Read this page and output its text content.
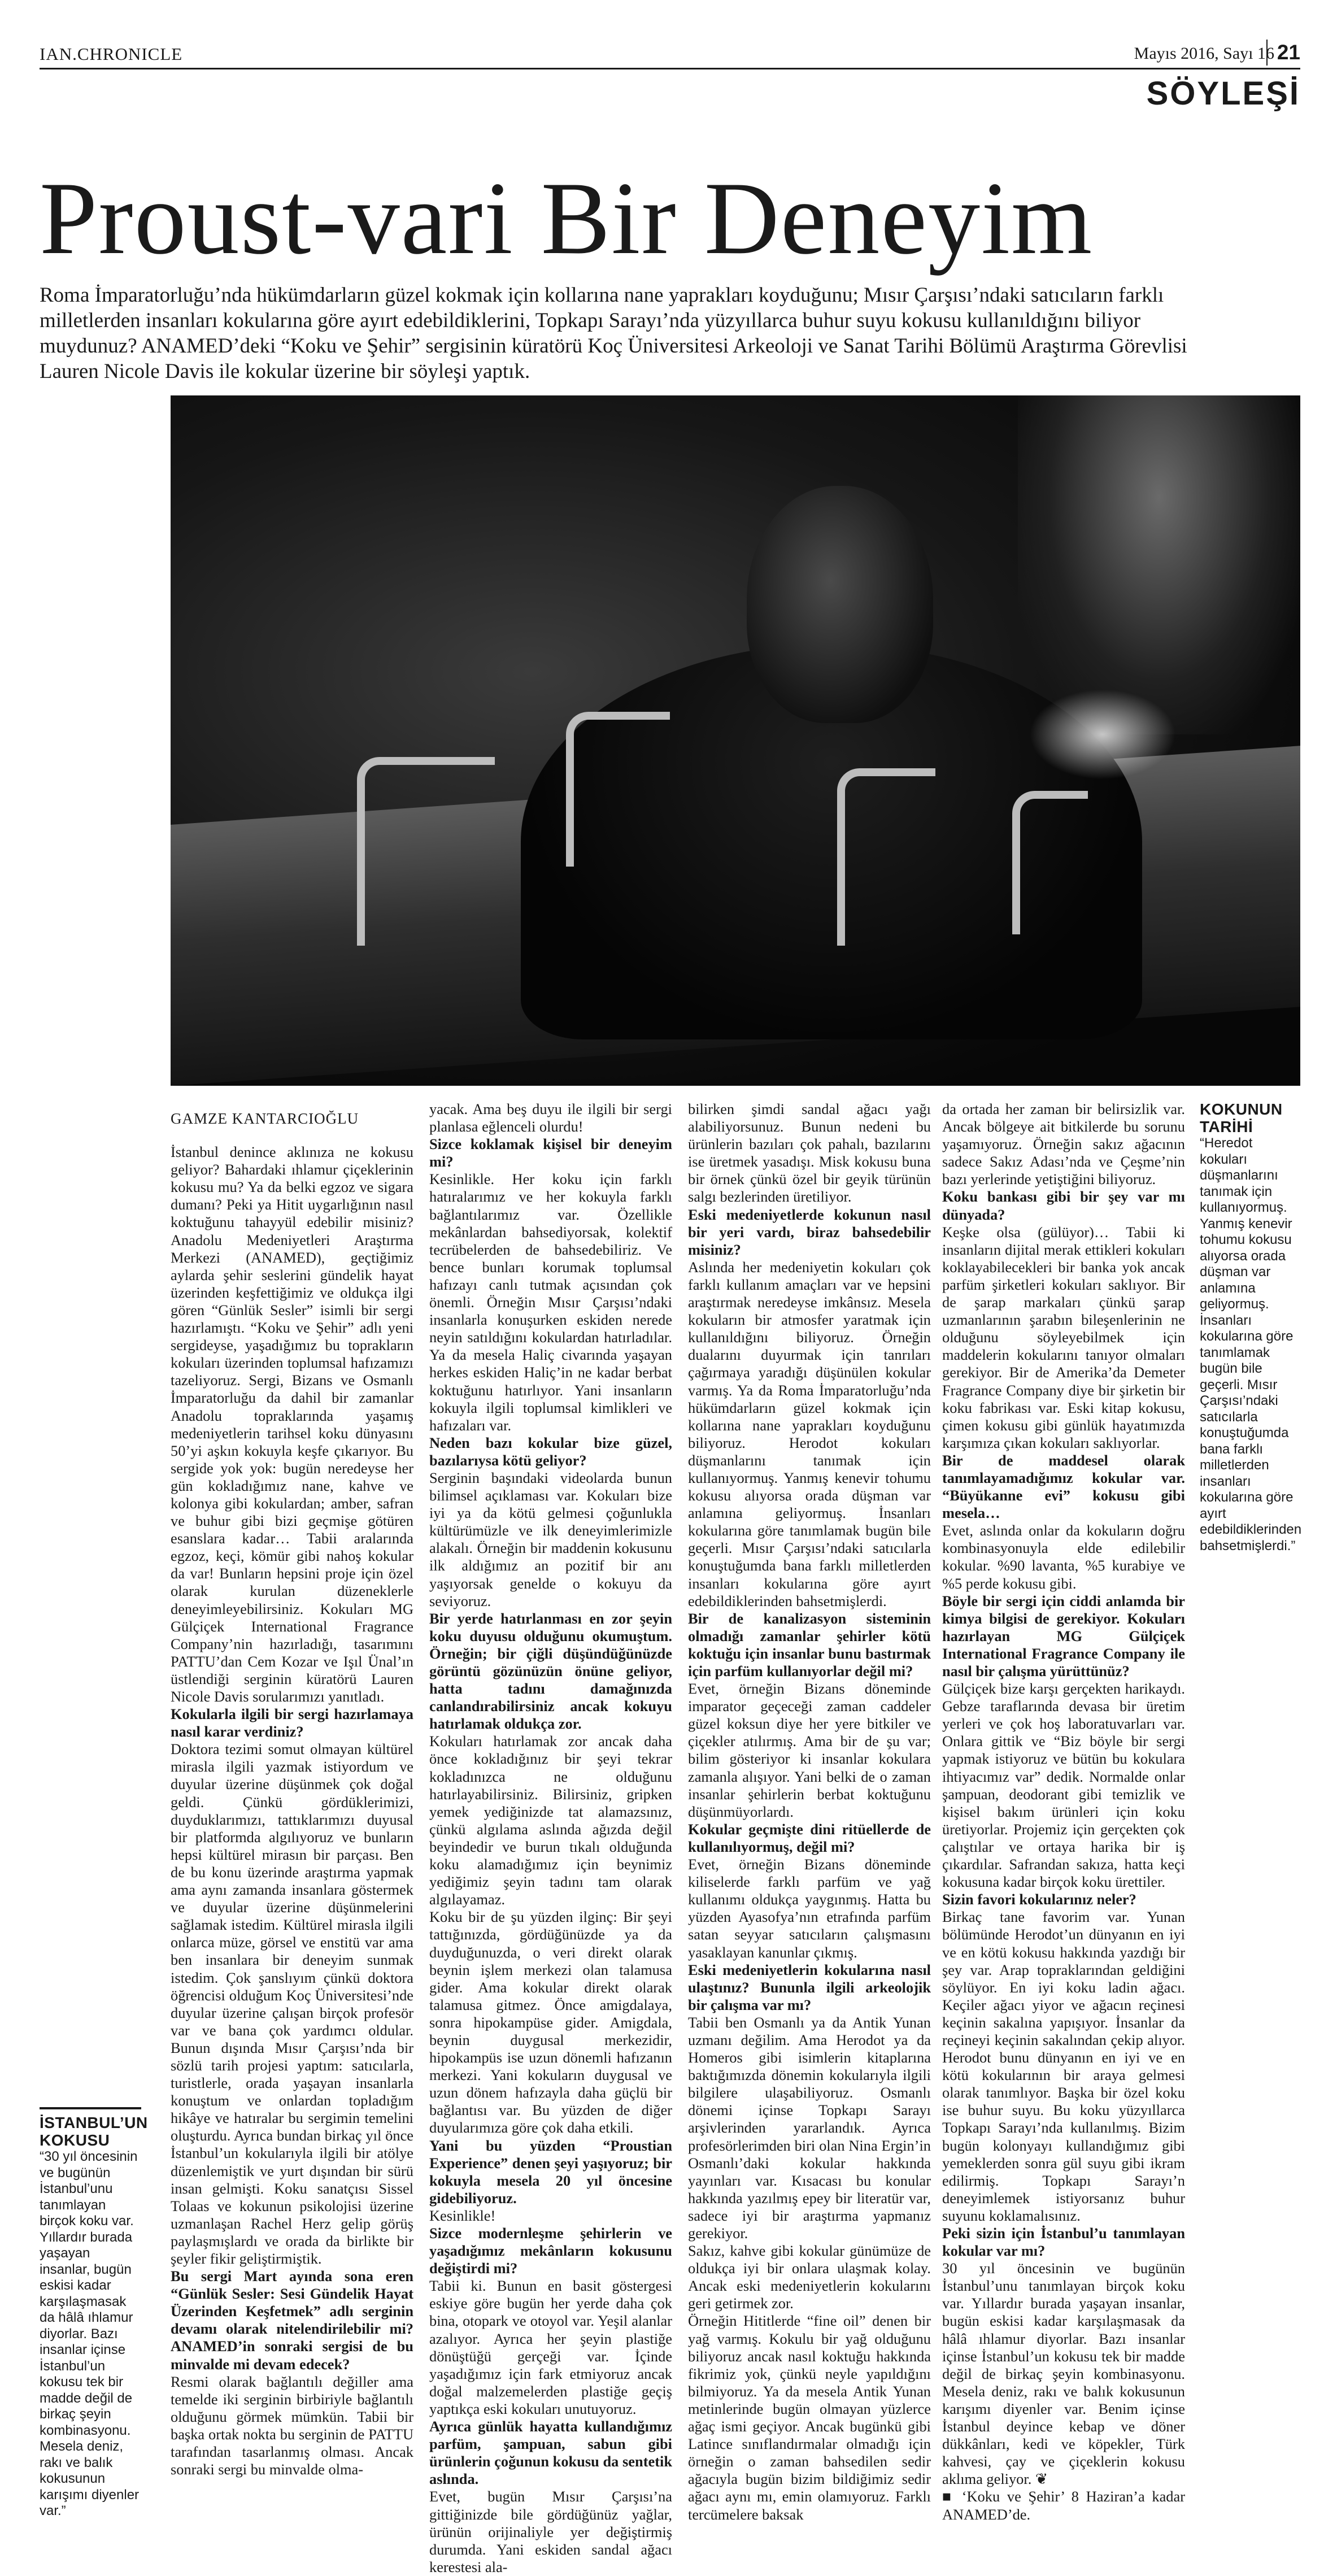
IAN.CHRONICLE	Mayıs 2016, Sayı 16 21
SÖYLEŞİ
Proust-vari Bir Deneyim

Roma İmparatorluğu’nda hükümdarların güzel kokmak için kollarına nane yaprakları koyduğunu; Mısır Çarşısı’ndaki satıcıların farklı milletlerden insanları kokularına göre ayırt edebildiklerini, Topkapı Sarayı’nda yüzyıllarca buhur suyu kokusu kullanıldığını biliyor muydunuz? ANAMED’deki “Koku ve Şehir” sergisinin küratörü Koç Üniversitesi Arkeoloji ve Sanat Tarihi Bölümü Araştırma Görevlisi Lauren Nicole Davis ile kokular üzerine bir söyleşi yaptık.

GAMZE KANTARCIOĞLU

İstanbul denince aklınıza ne kokusu geliyor? Bahardaki ıhlamur çiçeklerinin kokusu mu? Ya da belki egzoz ve sigara dumanı? Peki ya Hitit uygarlığının nasıl koktuğunu tahayyül edebilir misiniz? Anadolu Medeniyetleri Araştırma Merkezi (ANAMED), geçtiğimiz aylarda şehir seslerini gündelik hayat üzerinden keşfettiğimiz ve oldukça ilgi gören “Günlük Sesler” isimli bir sergi hazırlamıştı. “Koku ve Şehir” adlı yeni sergideyse, yaşadığımız bu toprakların kokuları üzerinden toplumsal hafızamızı tazeliyoruz. Sergi, Bizans ve Osmanlı İmparatorluğu da dahil bir zamanlar Anadolu topraklarında yaşamış medeniyetlerin tarihsel koku dünyasını 50’yi aşkın kokuyla keşfe çıkarıyor. Bu sergide yok yok: bugün neredeyse her gün kokladığımız nane, kahve ve kolonya gibi kokulardan; amber, safran ve buhur gibi bizi geçmişe götüren esanslara kadar… Tabii aralarında egzoz, keçi, kömür gibi nahoş kokular da var! Bunların hepsini proje için özel olarak kurulan düzeneklerle deneyimleyebilirsiniz. Kokuları MG Gülçiçek International Fragrance Company’nin hazırladığı, tasarımını PATTU’dan Cem Kozar ve Işıl Ünal’ın üstlendiği serginin küratörü Lauren Nicole Davis sorularımızı yanıtladı.

Kokularla ilgili bir sergi hazırlamaya nasıl karar verdiniz?

Doktora tezimi somut olmayan kültürel mirasla ilgili yazmak istiyordum ve duyular üzerine düşünmek çok doğal geldi. Çünkü gördüklerimizi, duyduklarımızı, tattıklarımızı duyusal bir platformda algılıyoruz ve bunların hepsi kültürel mirasın bir parçası. Ben de bu konu üzerinde araştırma yapmak ama aynı zamanda insanlara göstermek ve duyular üzerine düşünmelerini sağlamak istedim. Kültürel mirasla ilgili onlarca müze, görsel ve enstitü var ama ben insanlara bir deneyim sunmak istedim. Çok şanslıyım çünkü doktora öğrencisi olduğum Koç Üniversitesi’nde duyular üzerine çalışan birçok profesör var ve bana çok yardımcı oldular. Bunun dışında Mısır Çarşısı’nda bir sözlü tarih projesi yaptım: satıcılarla, turistlerle, orada yaşayan insanlarla konuştum ve onlardan topladığım hikâye ve hatıralar bu sergimin temelini oluşturdu. Ayrıca bundan birkaç yıl önce İstanbul’un kokularıyla ilgili bir atölye düzenlemiştik ve yurt dışından bir sürü insan gelmişti. Koku sanatçısı Sissel Tolaas ve kokunun psikolojisi üzerine uzmanlaşan Rachel Herz gelip görüş paylaşmışlardı ve orada da birlikte bir şeyler fikir geliştirmiştik.

Bu sergi Mart ayında sona eren “Günlük Sesler: Sesi Gündelik Hayat Üzerinden Keşfetmek” adlı serginin devamı olarak nitelendirilebilir mi? ANAMED’in sonraki sergisi de bu minvalde mi devam edecek?

Resmi olarak bağlantılı değiller ama temelde iki serginin birbiriyle bağlantılı olduğunu görmek mümkün. Tabii bir başka ortak nokta bu serginin de PATTU tarafından tasarlanmış olması. Ancak sonraki sergi bu minvalde olma-

yacak. Ama beş duyu ile ilgili bir sergi planlasa eğlenceli olurdu!

Sizce koklamak kişisel bir deneyim mi?

Kesinlikle. Her koku için farklı hatıralarımız ve her kokuyla farklı bağlantılarımız var. Özellikle mekânlardan bahsediyorsak, kolektif tecrübelerden de bahsedebiliriz. Ve bence bunları korumak toplumsal hafızayı canlı tutmak açısından çok önemli. Örneğin Mısır Çarşısı’ndaki insanlarla konuşurken eskiden nerede neyin satıldığını kokulardan hatırladılar. Ya da mesela Haliç civarında yaşayan herkes eskiden Haliç’in ne kadar berbat koktuğunu hatırlıyor. Yani insanların kokuyla ilgili toplumsal kimlikleri ve hafızaları var.

Neden bazı kokular bize güzel, bazılarıysa kötü geliyor?

Serginin başındaki videolarda bunun bilimsel açıklaması var. Kokuları bize iyi ya da kötü gelmesi çoğunlukla kültürümüzle ve ilk deneyimlerimizle alakalı. Örneğin bir maddenin kokusunu ilk aldığımız an pozitif bir anı yaşıyorsak genelde o kokuyu da seviyoruz.

Bir yerde hatırlanması en zor şeyin koku duyusu olduğunu okumuştum. Örneğin; bir çiğli düşündüğünüzde görüntü gözünüzün önüne geliyor, hatta tadını damağınızda canlandırabilirsiniz ancak kokuyu hatırlamak oldukça zor.

Kokuları hatırlamak zor ancak daha önce kokladığınız bir şeyi tekrar kokladınızca ne olduğunu hatırlayabilirsiniz. Bilirsiniz, gripken yemek yediğinizde tat alamazsınız, çünkü algılama aslında ağızda değil beyindedir ve burun tıkalı olduğunda koku alamadığımız için beynimiz yediğimiz şeyin tadını tam olarak algılayamaz.

Koku bir de şu yüzden ilginç: Bir şeyi tattığınızda, gördüğünüzde ya da duyduğunuzda, o veri direkt olarak beynin işlem merkezi olan talamusa gider. Ama kokular direkt olarak talamusa gitmez. Önce amigdalaya, sonra hipokampüse gider. Amigdala, beynin duygusal merkezidir, hipokampüs ise uzun dönemli hafızanın merkezi. Yani kokuların duygusal ve uzun dönem hafızayla daha güçlü bir bağlantısı var. Bu yüzden de diğer duyularımıza göre çok daha etkili.

Yani bu yüzden “Proustian Experience” denen şeyi yaşıyoruz; bir kokuyla mesela 20 yıl öncesine gidebiliyoruz.

Kesinlikle!

Sizce modernleşme şehirlerin ve yaşadığımız mekânların kokusunu değiştirdi mi?

Tabii ki. Bunun en basit göstergesi eskiye göre bugün her yerde daha çok bina, otopark ve otoyol var. Yeşil alanlar azalıyor. Ayrıca her şeyin plastiğe dönüştüğü gerçeği var. İçinde yaşadığımız için fark etmiyoruz ancak doğal malzemelerden plastiğe geçiş yaptıkça eski kokuları unutuyoruz.

Ayrıca günlük hayatta kullandığımız parfüm, şampuan, sabun gibi ürünlerin çoğunun kokusu da sentetik aslında.

Evet, bugün Mısır Çarşısı’na gittiğinizde bile gördüğünüz yağlar, ürünün orijinaliyle yer değiştirmiş durumda. Yani eskiden sandal ağacı kerestesi ala-

bilirken şimdi sandal ağacı yağı alabiliyorsunuz. Bunun nedeni bu ürünlerin bazıları çok pahalı, bazılarını ise üretmek yasadışı. Misk kokusu buna bir örnek çünkü özel bir geyik türünün salgı bezlerinden üretiliyor.

Eski medeniyetlerde kokunun nasıl bir yeri vardı, biraz bahsedebilir misiniz?

Aslında her medeniyetin kokuları çok farklı kullanım amaçları var ve hepsini araştırmak neredeyse imkânsız. Mesela kokuların bir atmosfer yaratmak için kullanıldığını biliyoruz. Örneğin dualarını duyurmak için tanrıları çağırmaya yaradığı düşünülen kokular varmış. Ya da Roma İmparatorluğu’nda hükümdarların güzel kokmak için kollarına nane yaprakları koyduğunu biliyoruz. Herodot kokuları düşmanlarını tanımak için kullanıyormuş. Yanmış kenevir tohumu kokusu alıyorsa orada düşman var anlamına geliyormuş. İnsanları kokularına göre tanımlamak bugün bile geçerli. Mısır Çarşısı’ndaki satıcılarla konuştuğumda bana farklı milletlerden insanları kokularına göre ayırt edebildiklerinden bahsetmişlerdi.

Bir de kanalizasyon sisteminin olmadığı zamanlar şehirler kötü koktuğu için insanlar bunu bastırmak için parfüm kullanıyorlar değil mi?

Evet, örneğin Bizans döneminde imparator geçeceği zaman caddeler güzel koksun diye her yere bitkiler ve çiçekler atılırmış. Ama bir de şu var; bilim gösteriyor ki insanlar kokulara zamanla alışıyor. Yani belki de o zaman insanlar şehirlerin berbat koktuğunu düşünmüyorlardı.

Kokular geçmişte dini ritüellerde de kullanılıyormuş, değil mi?

Evet, örneğin Bizans döneminde kiliselerde farklı parfüm ve yağ kullanımı oldukça yaygınmış. Hatta bu yüzden Ayasofya’nın etrafında parfüm satan seyyar satıcıların çalışmasını yasaklayan kanunlar çıkmış.

Eski medeniyetlerin kokularına nasıl ulaştınız? Bununla ilgili arkeolojik bir çalışma var mı?

Tabii ben Osmanlı ya da Antik Yunan uzmanı değilim. Ama Herodot ya da Homeros gibi isimlerin kitaplarına baktığımızda dönemin kokularıyla ilgili bilgilere ulaşabiliyoruz. Osmanlı dönemi içinse Topkapı Sarayı arşivlerinden yararlandık. Ayrıca profesörlerimden biri olan Nina Ergin’in Osmanlı’daki kokular hakkında yayınları var. Kısacası bu konular hakkında yazılmış epey bir literatür var, sadece iyi bir araştırma yapmanız gerekiyor.

Sakız, kahve gibi kokular günümüze de oldukça iyi bir onlara ulaşmak kolay. Ancak eski medeniyetlerin kokularını geri getirmek zor.

Örneğin Hititlerde “fine oil” denen bir yağ varmış. Kokulu bir yağ olduğunu biliyoruz ancak nasıl koktuğu hakkında fikrimiz yok, çünkü neyle yapıldığını bilmiyoruz. Ya da mesela Antik Yunan metinlerinde bugün olmayan yüzlerce ağaç ismi geçiyor. Ancak bugünkü gibi Latince sınıflandırmalar olmadığı için örneğin o zaman bahsedilen sedir ağacıyla bugün bizim bildiğimiz sedir ağacı aynı mı, emin olamıyoruz. Farklı tercümelere baksak

da ortada her zaman bir belirsizlik var. Ancak bölgeye ait bitkilerde bu sorunu yaşamıyoruz. Örneğin sakız ağacının sadece Sakız Adası’nda ve Çeşme’nin bazı yerlerinde yetiştiğini biliyoruz.

Koku bankası gibi bir şey var mı dünyada?

Keşke olsa (gülüyor)… Tabii ki insanların dijital merak ettikleri kokuları koklayabilecekleri bir banka yok ancak parfüm şirketleri kokuları saklıyor. Bir de şarap markaları çünkü şarap uzmanlarının şarabın bileşenlerinin ne olduğunu söyleyebilmek için maddelerin kokularını tanıyor olmaları gerekiyor. Bir de Amerika’da Demeter Fragrance Company diye bir şirketin bir koku fabrikası var. Eski kitap kokusu, çimen kokusu gibi günlük hayatımızda karşımıza çıkan kokuları saklıyorlar.

Bir de maddesel olarak tanımlayamadığımız kokular var. “Büyükanne evi” kokusu gibi mesela…

Evet, aslında onlar da kokuların doğru kombinasyonuyla elde edilebilir kokular. %90 lavanta, %5 kurabiye ve %5 perde kokusu gibi.

Böyle bir sergi için ciddi anlamda bir kimya bilgisi de gerekiyor. Kokuları hazırlayan MG Gülçiçek International Fragrance Company ile nasıl bir çalışma yürüttünüz?

Gülçiçek bize karşı gerçekten harikaydı. Gebze taraflarında devasa bir üretim yerleri ve çok hoş laboratuvarları var. Onlara gittik ve “Biz böyle bir sergi yapmak istiyoruz ve bütün bu kokulara ihtiyacımız var” dedik. Normalde onlar şampuan, deodorant gibi temizlik ve kişisel bakım ürünleri için koku üretiyorlar. Projemiz için gerçekten çok çalıştılar ve ortaya harika bir iş çıkardılar. Safrandan sakıza, hatta keçi kokusuna kadar birçok koku ürettiler.

Sizin favori kokularınız neler?

Birkaç tane favorim var. Yunan bölümünde Herodot’un dünyanın en iyi ve en kötü kokusu hakkında yazdığı bir şey var. Arap topraklarından geldiğini söylüyor. En iyi koku ladin ağacı. Keçiler ağacı yiyor ve ağacın reçinesi keçinin sakalına yapışıyor. İnsanlar da reçineyi keçinin sakalından çekip alıyor. Herodot bunu dünyanın en iyi ve en kötü kokularının bir araya gelmesi olarak tanımlıyor. Başka bir özel koku ise buhur suyu. Bu koku yüzyıllarca Topkapı Sarayı’nda kullanılmış. Bizim bugün kolonyayı kullandığımız gibi yemeklerden sonra gül suyu gibi ikram edilirmiş. Topkapı Sarayı’n deneyimlemek istiyorsanız buhur suyunu koklamalısınız.

Peki sizin için İstanbul’u tanımlayan kokular var mı?

30 yıl öncesinin ve bugünün İstanbul’unu tanımlayan birçok koku var. Yıllardır burada yaşayan insanlar, bugün eskisi kadar karşılaşmasak da hâlâ ıhlamur diyorlar. Bazı insanlar içinse İstanbul’un kokusu tek bir madde değil de birkaç şeyin kombinasyonu. Mesela deniz, rakı ve balık kokusunun karışımı diyenler var. Benim içinse İstanbul deyince kebap ve döner dükkânları, kedi ve köpekler, Türk kahvesi, çay ve çiçeklerin kokusu aklıma geliyor. ❦

■ ‘Koku ve Şehir’ 8 Haziran’a kadar ANAMED’de.

KOKUNUN TARİHİ
“Heredot kokuları düşmanlarını tanımak için kullanıyormuş. Yanmış kenevir tohumu kokusu alıyorsa orada düşman var anlamına geliyormuş. İnsanları kokularına göre tanımlamak bugün bile geçerli. Mısır Çarşısı’ndaki satıcılarla konuştuğumda bana farklı milletlerden insanları kokularına göre ayırt edebildiklerinden bahsetmişlerdi.”
İSTANBUL’UN KOKUSU
“30 yıl öncesinin ve bugünün İstanbul’unu tanımlayan birçok koku var. Yıllardır burada yaşayan insanlar, bugün eskisi kadar karşılaşmasak da hâlâ ıhlamur diyorlar. Bazı insanlar içinse İstanbul’un kokusu tek bir madde değil de birkaç şeyin kombinasyonu. Mesela deniz, rakı ve balık kokusunun karışımı diyenler var.”
